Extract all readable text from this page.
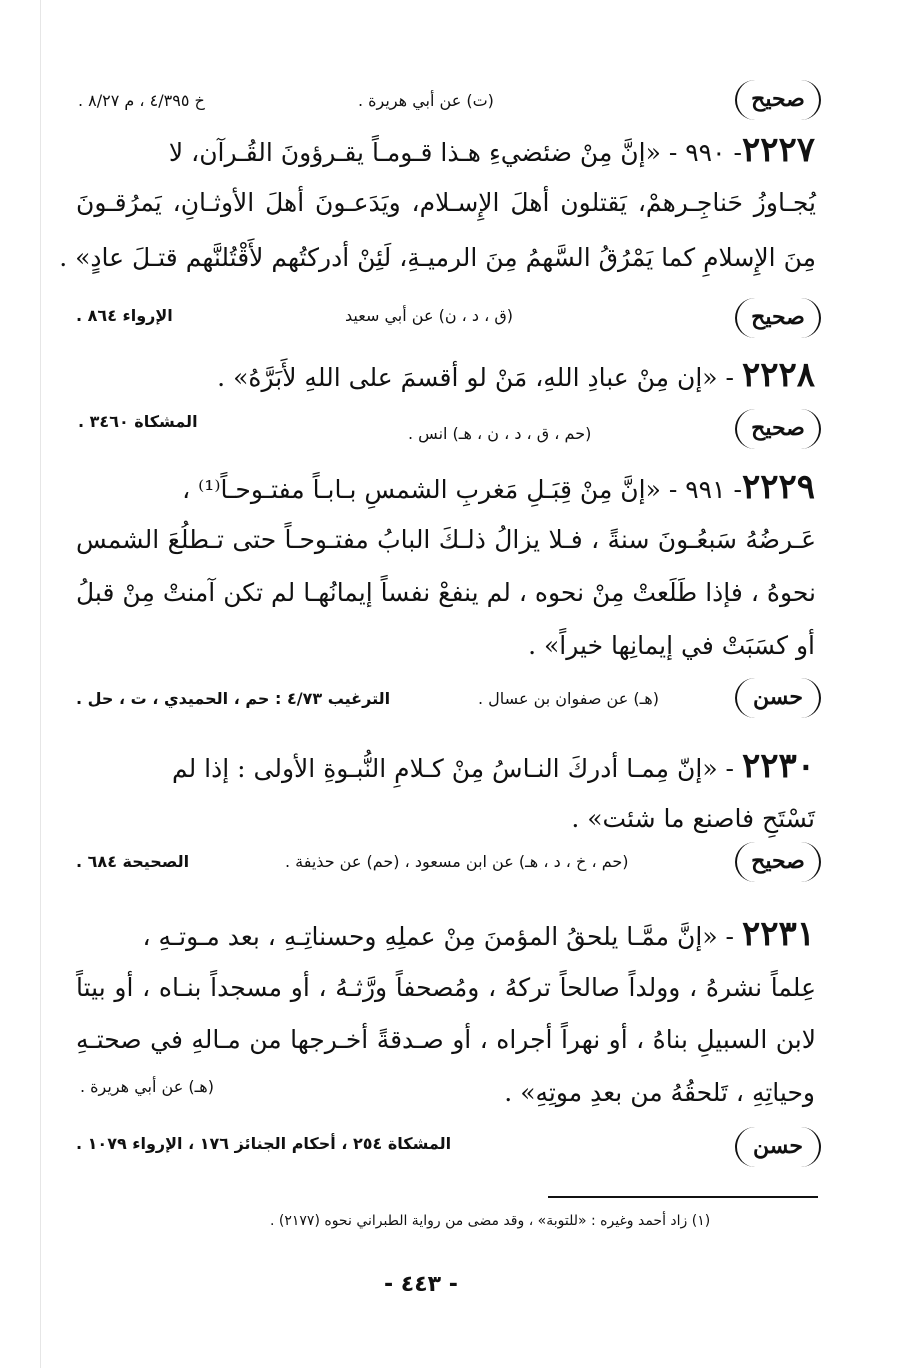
صحيح
(ت) عن أبي هريرة .
خ ٤/٣٩٥ ، م ٨/٢٧ .
٢٢٢٧- ٩٩٠ - «إنَّ مِنْ ضئضيءِ هـذا قـومـاً يقـرؤونَ القُـرآن، لا
يُجـاوزُ حَناجِـرهمْ، يَقتلون أهلَ الإِسـلام، ويَدَعـونَ أهلَ الأوثـانِ، يَمرُقـونَ
مِنَ الإِسلامِ كما يَمْرُقُ السَّهمُ مِنَ الرميـةِ، لَئِنْ أدركتُهم لأَقْتُلنَّهم قتـلَ عادٍ» .
صحيح
(ق ، د ، ن) عن أبي سعيد
الإرواء ٨٦٤ .
٢٢٢٨ - «إن مِنْ عبادِ اللهِ، مَنْ لو أقسمَ على اللهِ لأَبَرَّهُ» .
صحيح
(حم ، ق ، د ، ن ، هـ) انس .
المشكاة ٣٤٦٠ .
٢٢٢٩- ٩٩١ - «إنَّ مِنْ قِبَـلِ مَغربِ الشمسِ بـابـاً مفتـوحـاً⁽¹⁾ ،
عَـرضُهُ سَبعُـونَ سنةً ، فـلا يزالُ ذلـكَ البابُ مفتـوحـاً حتى تـطلُعَ الشمس
نحوهُ ، فإذا طَلَعتْ مِنْ نحوه ، لم ينفعْ نفساً إيمانُهـا لم تكن آمنتْ مِنْ قبلُ
أو كسَبَتْ في إيمانِها خيراً» .
حسن
(هـ) عن صفوان بن عسال .
الترغيب ٤/٧٣ : حم ، الحميدي ، ت ، حل .
٢٢٣٠ - «إنّ مِمـا أدركَ النـاسُ مِنْ كـلامِ النُّبـوةِ الأولى : إذا لم
تَسْتَحِ فاصنع ما شئت» .
صحيح
(حم ، خ ، د ، هـ) عن ابن مسعود ، (حم) عن حذيفة .
الصحيحة ٦٨٤ .
٢٢٣١ - «إنَّ ممَّـا يلحقُ المؤمنَ مِنْ عملِهِ وحسناتِـهِ ، بعد مـوتـهِ ،
عِلماً نشرهُ ، وولداً صالحاً تركهُ ، ومُصحفاً ورَّثـهُ ، أو مسجداً بنـاه ، أو بيتاً
لابن السبيلِ بناهُ ، أو نهراً أجراه ، أو صـدقةً أخـرجها من مـالهِ في صحتـهِ
وحياتِهِ ، تَلحقُهُ من بعدِ موتِهِ» .
(هـ) عن أبي هريرة .
حسن
المشكاة ٢٥٤ ، أحكام الجنائز ١٧٦ ، الإرواء ١٠٧٩ .
(١) زاد أحمد وغيره : «للتوبة» ، وقد مضى من رواية الطبراني نحوه (٢١٧٧) .
- ٤٤٣ -
